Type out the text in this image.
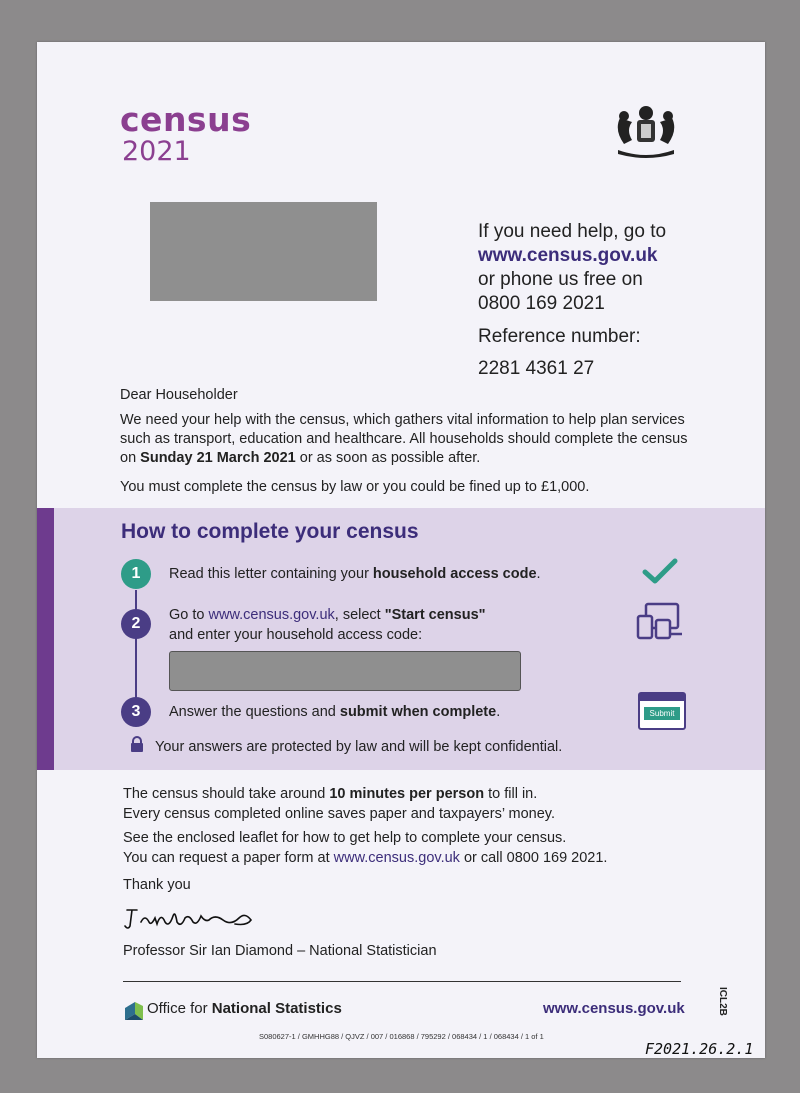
census
2021
If you need help, go to
www.census.gov.uk
or phone us free on
0800 169 2021
Reference number:
2281 4361 27
Dear Householder
We need your help with the census, which gathers vital information to help plan services such as transport, education and healthcare. All households should complete the census on Sunday 21 March 2021 or as soon as possible after.
You must complete the census by law or you could be fined up to £1,000.
How to complete your census
1	Read this letter containing your household access code.
2	Go to www.census.gov.uk, select "Start census"
and enter your household access code:
3	Answer the questions and submit when complete.	Submit
Your answers are protected by law and will be kept confidential.
The census should take around 10 minutes per person to fill in.
Every census completed online saves paper and taxpayers’ money.
See the enclosed leaflet for how to get help to complete your census.
You can request a paper form at www.census.gov.uk or call 0800 169 2021.
Thank you
Professor Sir Ian Diamond – National Statistician
Office for National Statistics	www.census.gov.uk
S080627-1 / GMHHG88 / QJVZ / 007 / 016868 / 795292 / 068434 / 1 / 068434 / 1 of 1
ICL2B
F2021.26.2.1
